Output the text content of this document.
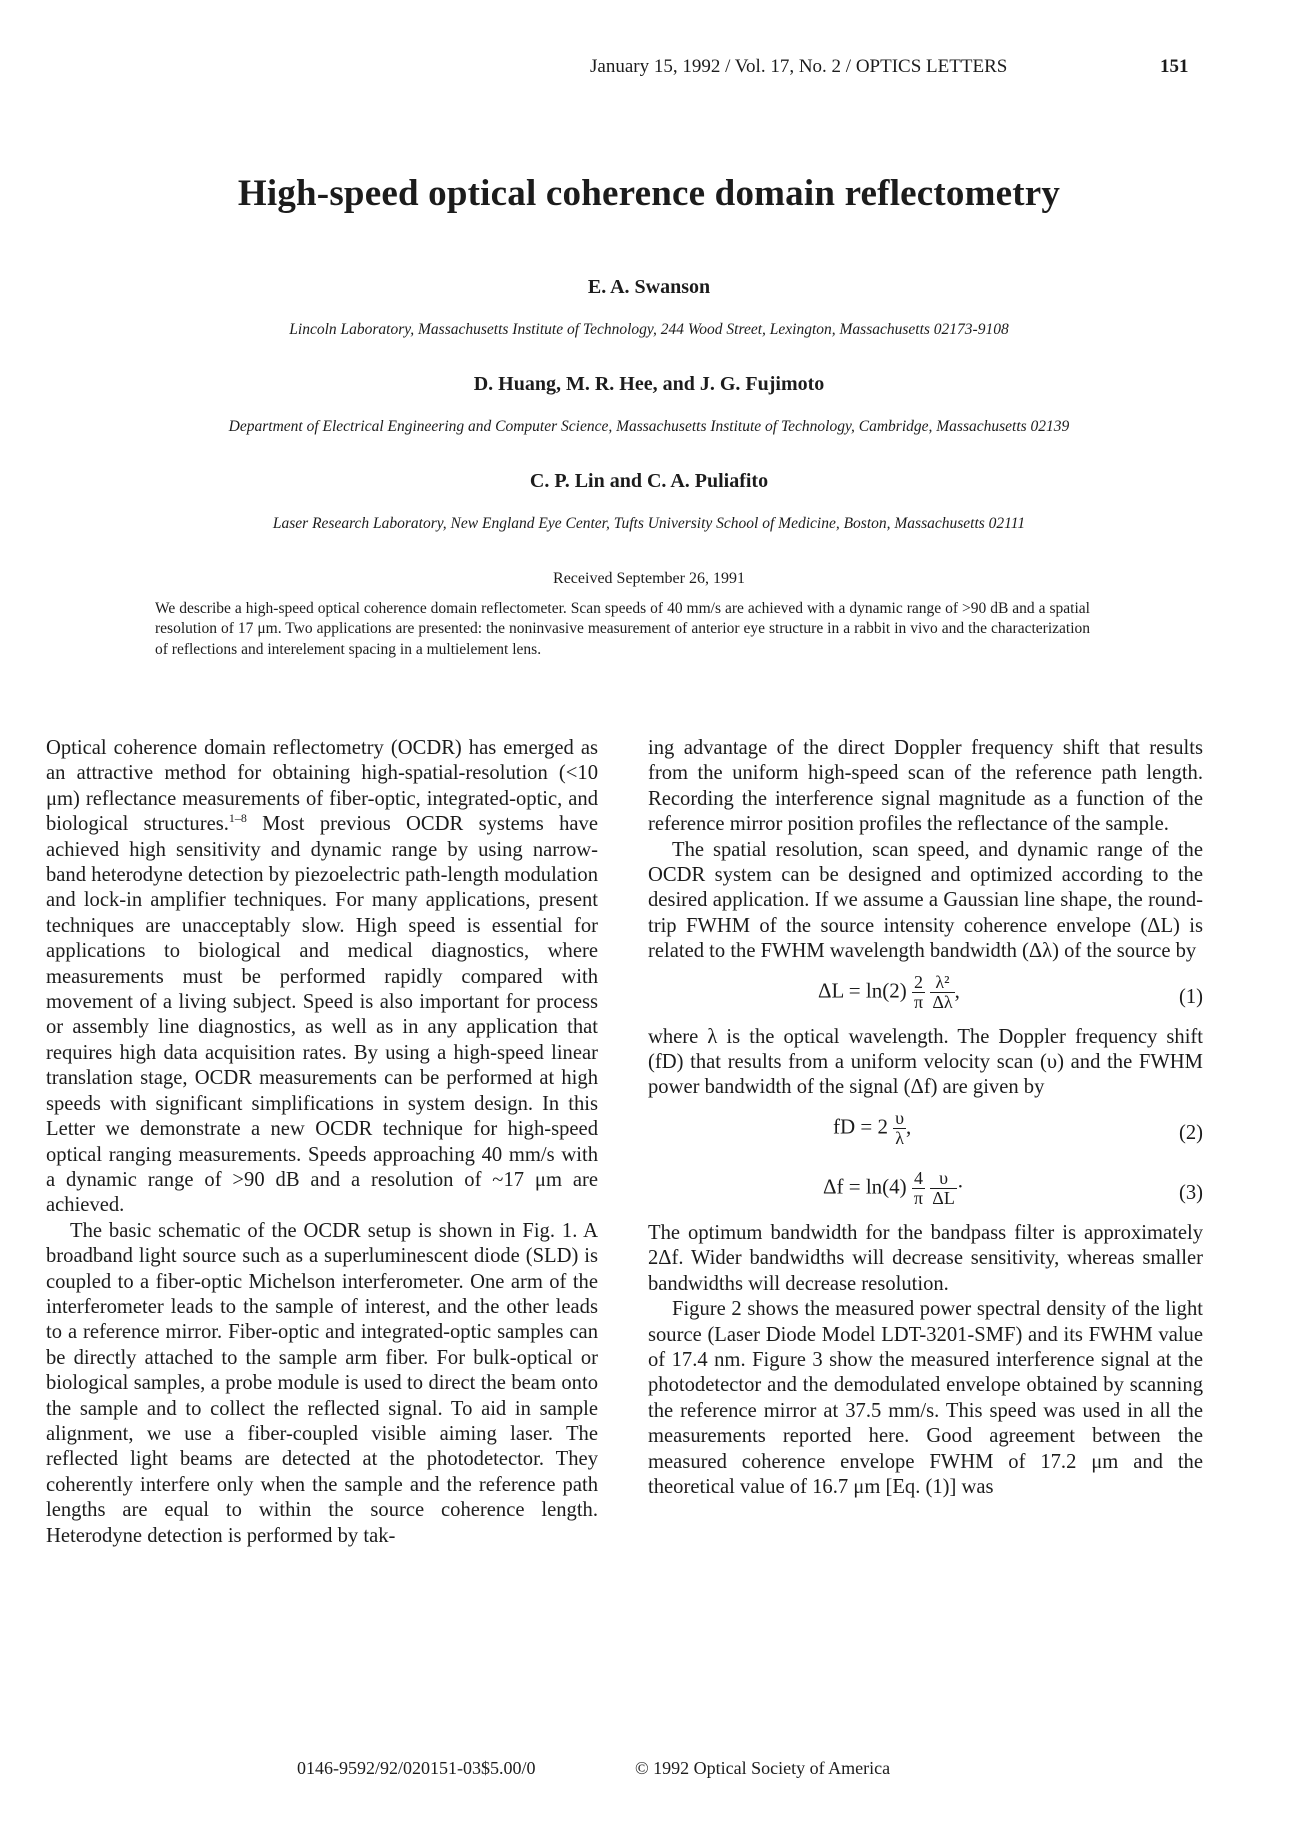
January 15, 1992 / Vol. 17, No. 2 / OPTICS LETTERS	151
High-speed optical coherence domain reflectometry
E. A. Swanson
Lincoln Laboratory, Massachusetts Institute of Technology, 244 Wood Street, Lexington, Massachusetts 02173-9108
D. Huang, M. R. Hee, and J. G. Fujimoto
Department of Electrical Engineering and Computer Science, Massachusetts Institute of Technology, Cambridge, Massachusetts 02139
C. P. Lin and C. A. Puliafito
Laser Research Laboratory, New England Eye Center, Tufts University School of Medicine, Boston, Massachusetts 02111
Received September 26, 1991
We describe a high-speed optical coherence domain reflectometer. Scan speeds of 40 mm/s are achieved with a dynamic range of >90 dB and a spatial resolution of 17 μm. Two applications are presented: the noninvasive measurement of anterior eye structure in a rabbit in vivo and the characterization of reflections and interelement spacing in a multielement lens.

Optical coherence domain reflectometry (OCDR) has emerged as an attractive method for obtaining high-spatial-resolution (<10 μm) reflectance measurements of fiber-optic, integrated-optic, and biological structures.$^{1-8}$ Most previous OCDR systems have achieved high sensitivity and dynamic range by using narrow-band heterodyne detection by piezoelectric path-length modulation and lock-in amplifier techniques. For many applications, present techniques are unacceptably slow. High speed is essential for applications to biological and medical diagnostics, where measurements must be performed rapidly compared with movement of a living subject. Speed is also important for process or assembly line diagnostics, as well as in any application that requires high data acquisition rates. By using a high-speed linear translation stage, OCDR measurements can be performed at high speeds with significant simplifications in system design. In this Letter we demonstrate a new OCDR technique for high-speed optical ranging measurements. Speeds approaching 40 mm/s with a dynamic range of >90 dB and a resolution of ~17 μm are achieved.

The basic schematic of the OCDR setup is shown in Fig. 1. A broadband light source such as a superluminescent diode (SLD) is coupled to a fiber-optic Michelson interferometer. One arm of the interferometer leads to the sample of interest, and the other leads to a reference mirror. Fiber-optic and integrated-optic samples can be directly attached to the sample arm fiber. For bulk-optical or biological samples, a probe module is used to direct the beam onto the sample and to collect the reflected signal. To aid in sample alignment, we use a fiber-coupled visible aiming laser. The reflected light beams are detected at the photodetector. They coherently interfere only when the sample and the reference path lengths are equal to within the source coherence length. Heterodyne detection is performed by tak-

ing advantage of the direct Doppler frequency shift that results from the uniform high-speed scan of the reference path length. Recording the interference signal magnitude as a function of the reference mirror position profiles the reflectance of the sample.

The spatial resolution, scan speed, and dynamic range of the OCDR system can be designed and optimized according to the desired application. If we assume a Gaussian line shape, the round-trip FWHM of the source intensity coherence envelope (ΔL) is related to the FWHM wavelength bandwidth (Δλ) of the source by

$\Delta L = \ln(2) \frac{2}{\pi}$
$\frac{\text{λ²}}{\Delta\lambda}$ ,	(1)

where λ is the optical wavelength. The Doppler frequency shift (fD) that results from a uniform velocity scan (υ) and the FWHM power bandwidth of the signal (Δf) are given by

fD = $2 \frac{\upsilon}{\lambda}$ ,	(2)
$\Delta f = \ln(4) \frac{4}{\pi}$
$\frac{\upsilon}{\Delta L}$ ·	(3)

The optimum bandwidth for the bandpass filter is approximately 2Δf. Wider bandwidths will decrease sensitivity, whereas smaller bandwidths will decrease resolution.

Figure 2 shows the measured power spectral density of the light source (Laser Diode Model LDT-3201-SMF) and its FWHM value of 17.4 nm. Figure 3 show the measured interference signal at the photodetector and the demodulated envelope obtained by scanning the reference mirror at 37.5 mm/s. This speed was used in all the measurements reported here. Good agreement between the measured coherence envelope FWHM of 17.2 μm and the theoretical value of 16.7 μm [Eq. (1)] was

0146-9592/92/020151-03$5.00/0	© 1992 Optical Society of America
